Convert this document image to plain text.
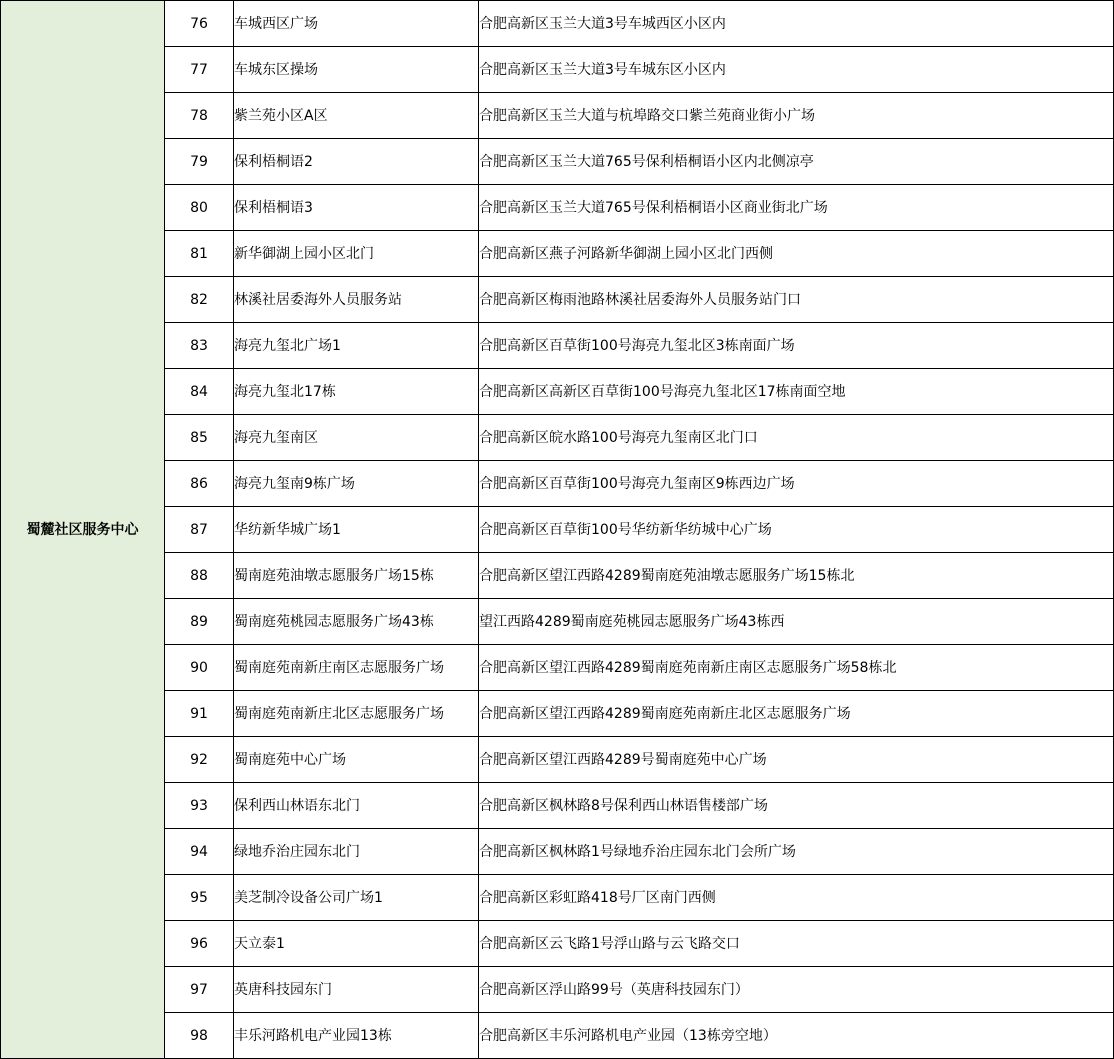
蜀麓社区服务中心	76	车城西区广场	合肥高新区玉兰大道3号车城西区小区内
	77	车城东区操场	合肥高新区玉兰大道3号车城东区小区内
	78	紫兰苑小区A区	合肥高新区玉兰大道与杭埠路交口紫兰苑商业街小广场
	79	保利梧桐语2	合肥高新区玉兰大道765号保利梧桐语小区内北侧凉亭
	80	保利梧桐语3	合肥高新区玉兰大道765号保利梧桐语小区商业街北广场
	81	新华御湖上园小区北门	合肥高新区燕子河路新华御湖上园小区北门西侧
	82	林溪社居委海外人员服务站	合肥高新区梅雨池路林溪社居委海外人员服务站门口
	83	海亮九玺北广场1	合肥高新区百草街100号海亮九玺北区3栋南面广场
	84	海亮九玺北17栋	合肥高新区高新区百草街100号海亮九玺北区17栋南面空地
	85	海亮九玺南区	合肥高新区皖水路100号海亮九玺南区北门口
	86	海亮九玺南9栋广场	合肥高新区百草街100号海亮九玺南区9栋西边广场
	87	华纺新华城广场1	合肥高新区百草街100号华纺新华纺城中心广场
	88	蜀南庭苑油墩志愿服务广场15栋	合肥高新区望江西路4289蜀南庭苑油墩志愿服务广场15栋北
	89	蜀南庭苑桃园志愿服务广场43栋	望江西路4289蜀南庭苑桃园志愿服务广场43栋西
	90	蜀南庭苑南新庄南区志愿服务广场	合肥高新区望江西路4289蜀南庭苑南新庄南区志愿服务广场58栋北
	91	蜀南庭苑南新庄北区志愿服务广场	合肥高新区望江西路4289蜀南庭苑南新庄北区志愿服务广场
	92	蜀南庭苑中心广场	合肥高新区望江西路4289号蜀南庭苑中心广场
	93	保利西山林语东北门	合肥高新区枫林路8号保利西山林语售楼部广场
	94	绿地乔治庄园东北门	合肥高新区枫林路1号绿地乔治庄园东北门会所广场
	95	美芝制冷设备公司广场1	合肥高新区彩虹路418号厂区南门西侧
	96	天立泰1	合肥高新区云飞路1号浮山路与云飞路交口
	97	英唐科技园东门	合肥高新区浮山路99号（英唐科技园东门）
	98	丰乐河路机电产业园13栋	合肥高新区丰乐河路机电产业园（13栋旁空地）
